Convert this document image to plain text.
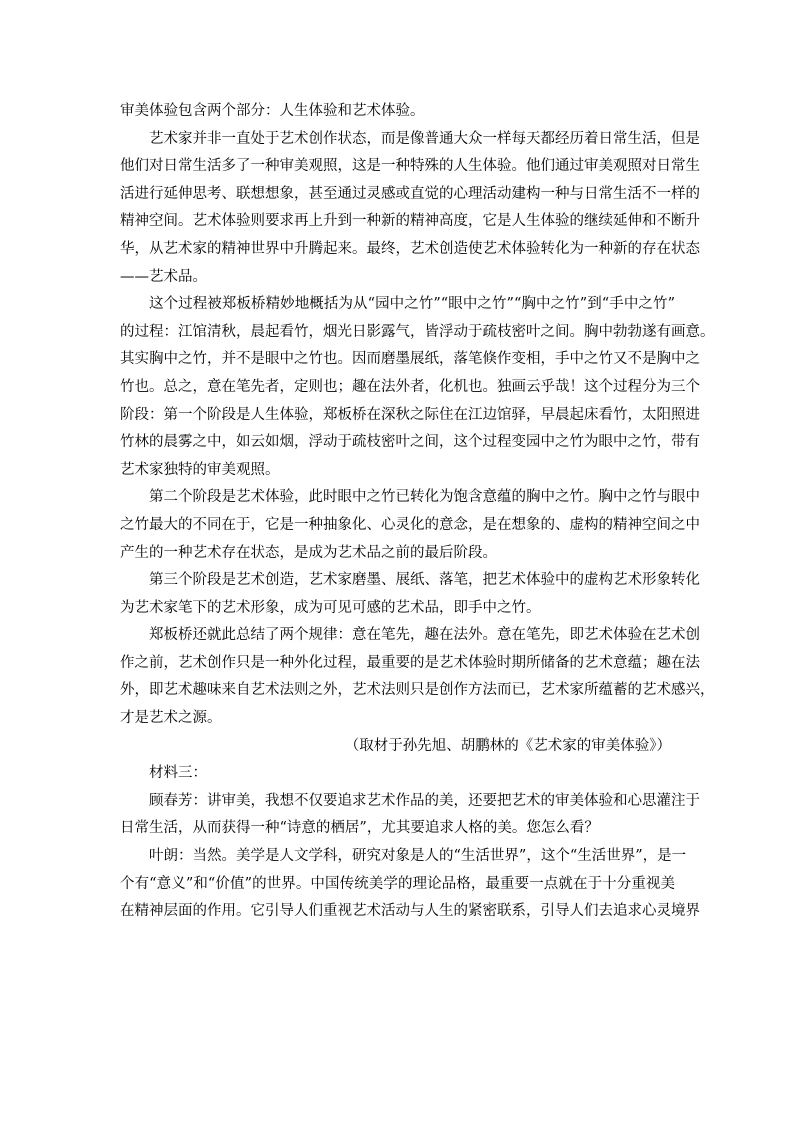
审美体验包含两个部分：人生体验和艺术体验。
艺术家并非一直处于艺术创作状态，而是像普通大众一样每天都经历着日常生活，但是
他们对日常生活多了一种审美观照，这是一种特殊的人生体验。他们通过审美观照对日常生
活进行延伸思考、联想想象，甚至通过灵感或直觉的心理活动建构一种与日常生活不一样的
精神空间。艺术体验则要求再上升到一种新的精神高度，它是人生体验的继续延伸和不断升
华，从艺术家的精神世界中升腾起来。最终，艺术创造使艺术体验转化为一种新的存在状态
——艺术品。
这个过程被郑板桥精妙地概括为从“园中之竹”“眼中之竹”“胸中之竹”到“手中之竹”
的过程：江馆清秋，晨起看竹，烟光日影露气，皆浮动于疏枝密叶之间。胸中勃勃遂有画意。
其实胸中之竹，并不是眼中之竹也。因而磨墨展纸，落笔倏作变相，手中之竹又不是胸中之
竹也。总之，意在笔先者，定则也；趣在法外者，化机也。独画云乎哉！这个过程分为三个
阶段：第一个阶段是人生体验，郑板桥在深秋之际住在江边馆驿，早晨起床看竹，太阳照进
竹林的晨雾之中，如云如烟，浮动于疏枝密叶之间，这个过程变园中之竹为眼中之竹，带有
艺术家独特的审美观照。
第二个阶段是艺术体验，此时眼中之竹已转化为饱含意蕴的胸中之竹。胸中之竹与眼中
之竹最大的不同在于，它是一种抽象化、心灵化的意念，是在想象的、虚构的精神空间之中
产生的一种艺术存在状态，是成为艺术品之前的最后阶段。
第三个阶段是艺术创造，艺术家磨墨、展纸、落笔，把艺术体验中的虚构艺术形象转化
为艺术家笔下的艺术形象，成为可见可感的艺术品，即手中之竹。
郑板桥还就此总结了两个规律：意在笔先，趣在法外。意在笔先，即艺术体验在艺术创
作之前，艺术创作只是一种外化过程，最重要的是艺术体验时期所储备的艺术意蕴；趣在法
外，即艺术趣味来自艺术法则之外，艺术法则只是创作方法而已，艺术家所蕴蓄的艺术感兴，
才是艺术之源。
（取材于孙先旭、胡鹏林的《艺术家的审美体验》）
材料三：
顾春芳：讲审美，我想不仅要追求艺术作品的美，还要把艺术的审美体验和心思灌注于
日常生活，从而获得一种“诗意的栖居”，尤其要追求人格的美。您怎么看？
叶朗：当然。美学是人文学科，研究对象是人的“生活世界”，这个“生活世界”，是一
个有“意义”和“价值”的世界。中国传统美学的理论品格，最重要一点就在于十分重视美
在精神层面的作用。它引导人们重视艺术活动与人生的紧密联系，引导人们去追求心灵境界
